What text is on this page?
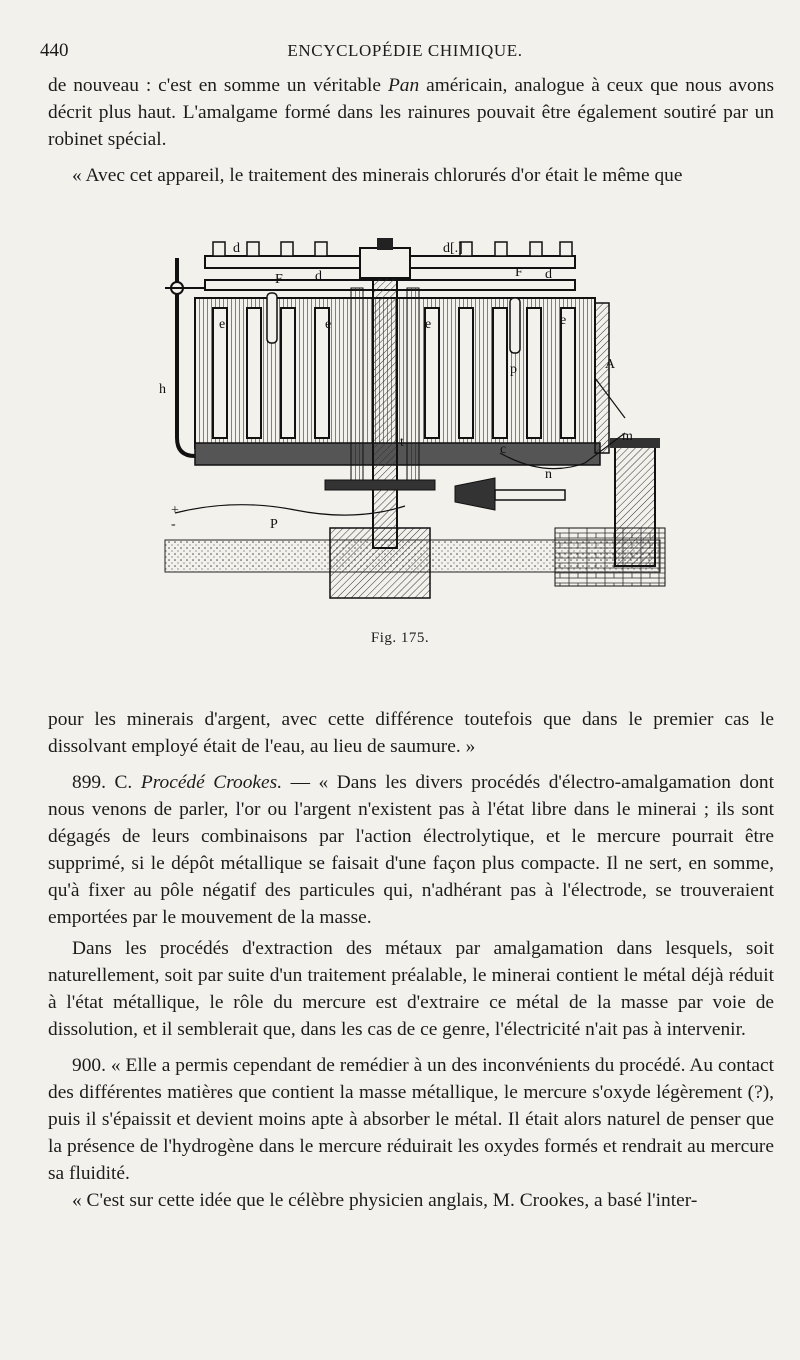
440	ENCYCLOPÉDIE CHIMIQUE.

de nouveau : c'est en somme un véritable Pan américain, analogue à ceux que nous avons décrit plus haut. L'amalgame formé dans les rainures pouvait être également soutiré par un robinet spécial.

« Avec cet appareil, le traitement des minerais chlorurés d'or était le même que

d
d
d[.]
d
F	F
e	e	e	e
p	A
h
m
t
n
c
P
+
-
Fig. 175.

pour les minerais d'argent, avec cette différence toutefois que dans le premier cas le dissolvant employé était de l'eau, au lieu de saumure. »

899. C. Procédé Crookes. — « Dans les divers procédés d'électro-amalgamation dont nous venons de parler, l'or ou l'argent n'existent pas à l'état libre dans le minerai ; ils sont dégagés de leurs combinaisons par l'action électrolytique, et le mercure pourrait être supprimé, si le dépôt métallique se faisait d'une façon plus compacte. Il ne sert, en somme, qu'à fixer au pôle négatif des particules qui, n'adhérant pas à l'électrode, se trouveraient emportées par le mouvement de la masse.

Dans les procédés d'extraction des métaux par amalgamation dans lesquels, soit naturellement, soit par suite d'un traitement préalable, le minerai contient le métal déjà réduit à l'état métallique, le rôle du mercure est d'extraire ce métal de la masse par voie de dissolution, et il semblerait que, dans les cas de ce genre, l'électricité n'ait pas à intervenir.

900. « Elle a permis cependant de remédier à un des inconvénients du procédé. Au contact des différentes matières que contient la masse métallique, le mercure s'oxyde légèrement (?), puis il s'épaissit et devient moins apte à absorber le métal. Il était alors naturel de penser que la présence de l'hydrogène dans le mercure réduirait les oxydes formés et rendrait au mercure sa fluidité.

« C'est sur cette idée que le célèbre physicien anglais, M. Crookes, a basé l'inter-
